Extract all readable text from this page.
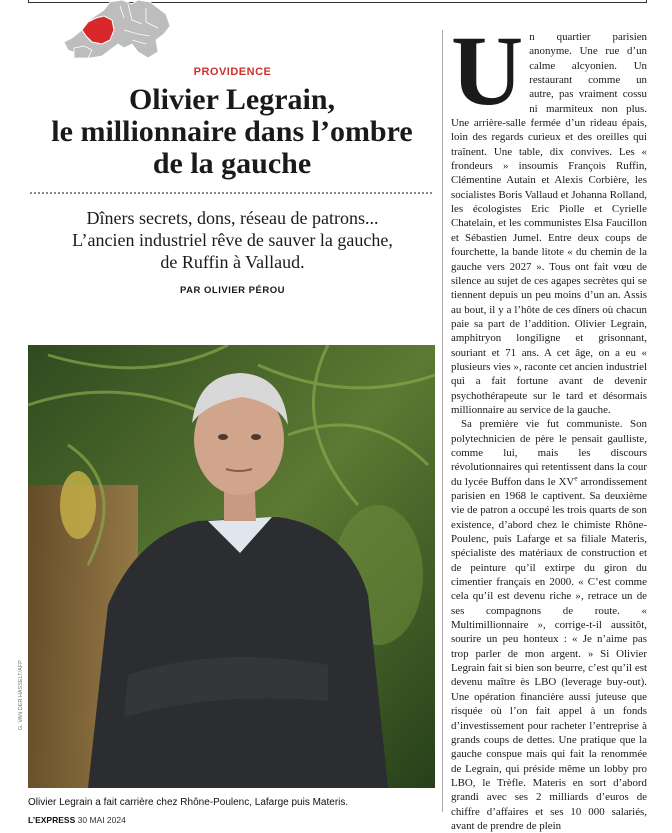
PROVIDENCE
Olivier Legrain,
le millionnaire dans l’ombre
de la gauche

Dîners secrets, dons, réseau de patrons...
L’ancien industriel rêve de sauver la gauche,
de Ruffin à Vallaud.

PAR OLIVIER PÉROU
G. VAN DER HASSELT/AFP
Olivier Legrain a fait carrière chez Rhône-Poulenc, Lafarge puis Materis.
L’EXPRESS 30 MAI 2024

Un quartier parisien anonyme. Une rue d’un calme alcyonien. Un restaurant comme un autre, pas vraiment cossu ni marmiteux non plus. Une arrière-salle fermée d’un rideau épais, loin des regards curieux et des oreilles qui traînent. Une table, dix convives. Les « frondeurs » insoumis François Ruffin, Clémentine Autain et Alexis Corbière, les socialistes Boris Vallaud et Johanna Rolland, les écologistes Eric Piolle et Cyrielle Chatelain, et les communistes Elsa Faucillon et Sébastien Jumel. Entre deux coups de fourchette, la bande litote « du chemin de la gauche vers 2027 ». Tous ont fait vœu de silence au sujet de ces agapes secrètes qui se tiennent depuis un peu moins d’un an. Assis au bout, il y a l’hôte de ces dîners où chacun paie sa part de l’addition. Olivier Legrain, amphitryon longiligne et grisonnant, souriant et 71 ans. A cet âge, on a eu « plusieurs vies », raconte cet ancien industriel qui a fait fortune avant de devenir psychothérapeute sur le tard et désormais millionnaire au service de la gauche.

Sa première vie fut communiste. Son polytechnicien de père le pensait gaulliste, comme lui, mais les discours révolutionnaires qui retentissent dans la cour du lycée Buffon dans le XVe arrondissement parisien en 1968 le captivent. Sa deuxième vie de patron a occupé les trois quarts de son existence, d’abord chez le chimiste Rhône-Poulenc, puis Lafarge et sa filiale Materis, spécialiste des matériaux de construction et de peinture qu’il extirpe du giron du cimentier français en 2000. « C’est comme cela qu’il est devenu riche », retrace un de ses compagnons de route. « Multimillionnaire », corrige-t-il aussitôt, sourire un peu honteux : « Je n’aime pas trop parler de mon argent. » Si Olivier Legrain fait si bien son beurre, c’est qu’il est devenu maître ès LBO (leverage buy-out). Une opération financière aussi juteuse que risquée où l’on fait appel à un fonds d’investissement pour racheter l’entreprise à grands coups de dettes. Une pratique que la gauche conspue mais qui fait la renommée de Legrain, qui préside même un lobby pro LBO, le Trèfle. Materis en sort d’abord grandi avec ses 2 milliards d’euros de chiffre d’affaires et ses 10 000 salariés, avant de prendre de plein
